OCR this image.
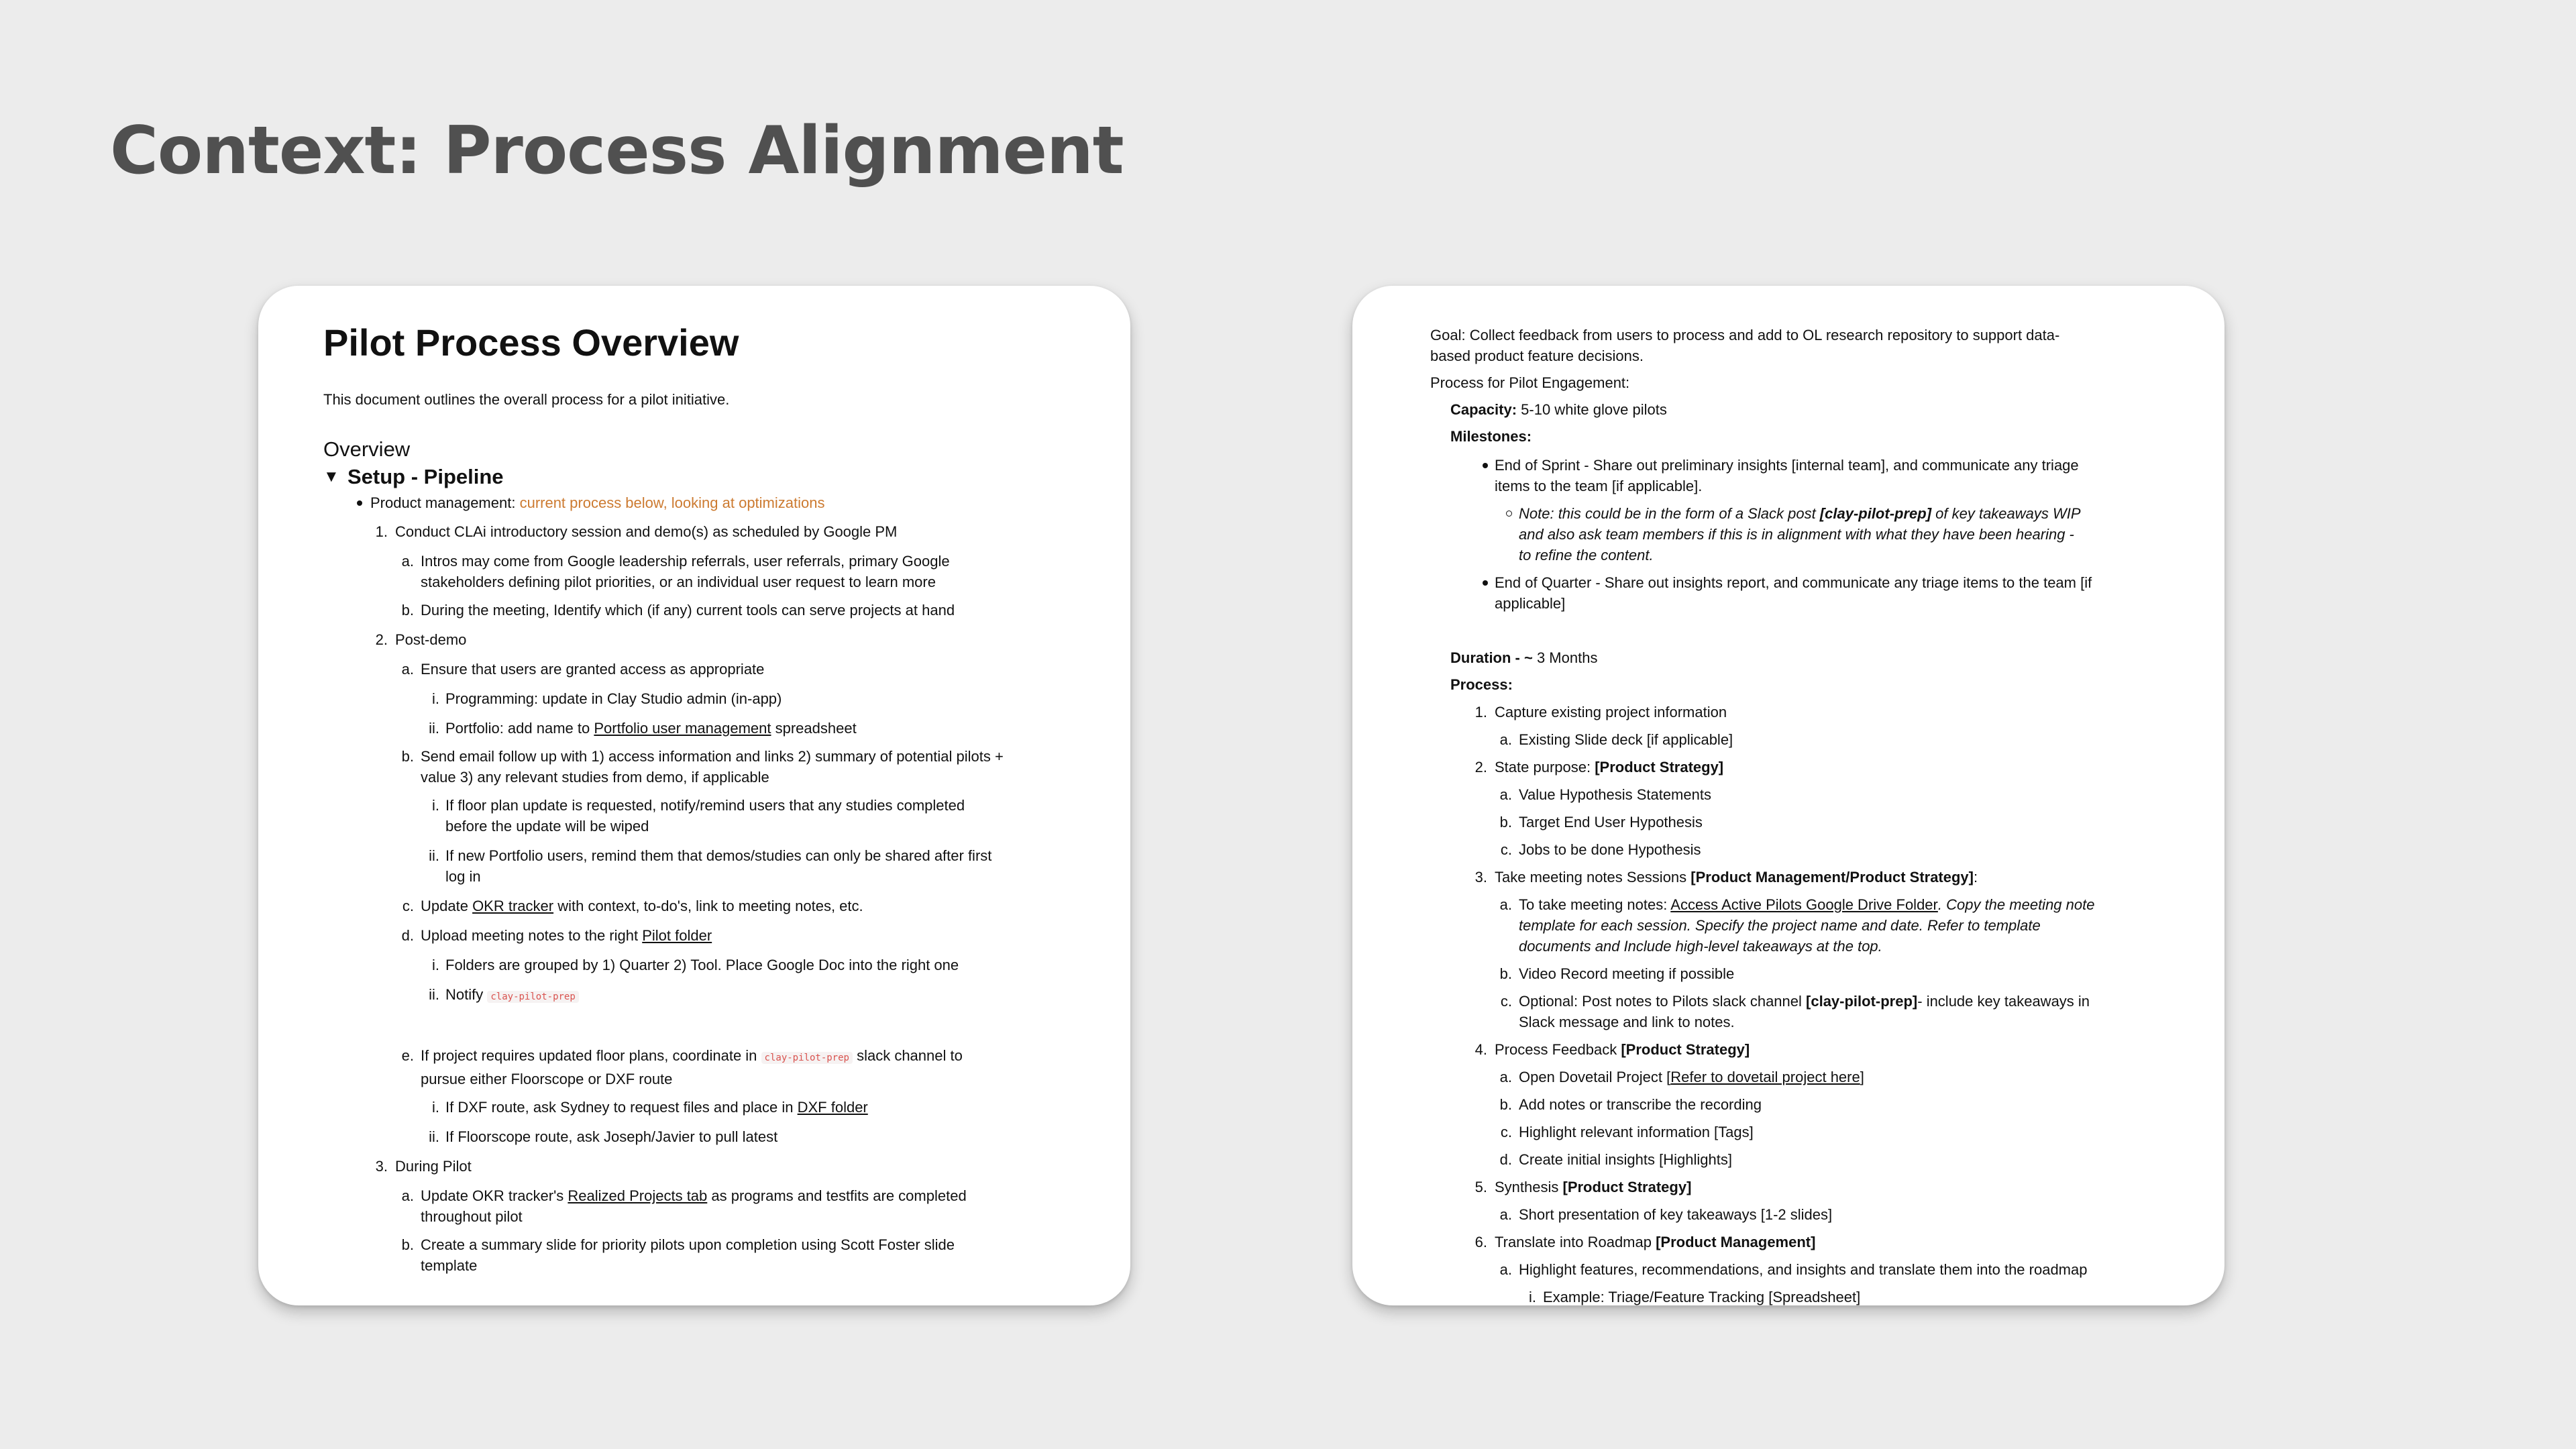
Context: Process Alignment
Pilot Process Overview
This document outlines the overall process for a pilot initiative.
Overview
▼ Setup - Pipeline
Product management: current process below, looking at optimizations
1. Conduct CLAi introductory session and demo(s) as scheduled by Google PM
a. Intros may come from Google leadership referrals, user referrals, primary Google
stakeholders defining pilot priorities, or an individual user request to learn more
b. During the meeting, Identify which (if any) current tools can serve projects at hand
2. Post-demo
a. Ensure that users are granted access as appropriate
i. Programming: update in Clay Studio admin (in-app)
ii. Portfolio: add name to Portfolio user management spreadsheet
b. Send email follow up with 1) access information and links 2) summary of potential pilots +
value 3) any relevant studies from demo, if applicable
i. If floor plan update is requested, notify/remind users that any studies completed
before the update will be wiped
ii. If new Portfolio users, remind them that demos/studies can only be shared after first
log in
c. Update OKR tracker with context, to-do's, link to meeting notes, etc.
d. Upload meeting notes to the right Pilot folder
i. Folders are grouped by 1) Quarter 2) Tool. Place Google Doc into the right one
ii. Notify clay-pilot-prep
e. If project requires updated floor plans, coordinate in clay-pilot-prep slack channel to
pursue either Floorscope or DXF route
i. If DXF route, ask Sydney to request files and place in DXF folder
ii. If Floorscope route, ask Joseph/Javier to pull latest
3. During Pilot
a. Update OKR tracker's Realized Projects tab as programs and testfits are completed
throughout pilot
b. Create a summary slide for priority pilots upon completion using Scott Foster slide
template
Goal: Collect feedback from users to process and add to OL research repository to support data-
based product feature decisions.
Process for Pilot Engagement:
Capacity: 5-10 white glove pilots
Milestones:
End of Sprint - Share out preliminary insights [internal team], and communicate any triage
items to the team [if applicable].
Note: this could be in the form of a Slack post [clay-pilot-prep] of key takeaways WIP
and also ask team members if this is in alignment with what they have been hearing -
to refine the content.
End of Quarter - Share out insights report, and communicate any triage items to the team [if
applicable]
Duration - ~ 3 Months
Process:
1. Capture existing project information
a. Existing Slide deck [if applicable]
2. State purpose: [Product Strategy]
a. Value Hypothesis Statements
b. Target End User Hypothesis
c. Jobs to be done Hypothesis
3. Take meeting notes Sessions [Product Management/Product Strategy]:
a. To take meeting notes: Access Active Pilots Google Drive Folder. Copy the meeting note
template for each session. Specify the project name and date. Refer to template
documents and Include high-level takeaways at the top.
b. Video Record meeting if possible
c. Optional: Post notes to Pilots slack channel [clay-pilot-prep]- include key takeaways in
Slack message and link to notes.
4. Process Feedback [Product Strategy]
a. Open Dovetail Project [Refer to dovetail project here]
b. Add notes or transcribe the recording
c. Highlight relevant information [Tags]
d. Create initial insights [Highlights]
5. Synthesis [Product Strategy]
a. Short presentation of key takeaways [1-2 slides]
6. Translate into Roadmap [Product Management]
a. Highlight features, recommendations, and insights and translate them into the roadmap
i. Example: Triage/Feature Tracking [Spreadsheet]
